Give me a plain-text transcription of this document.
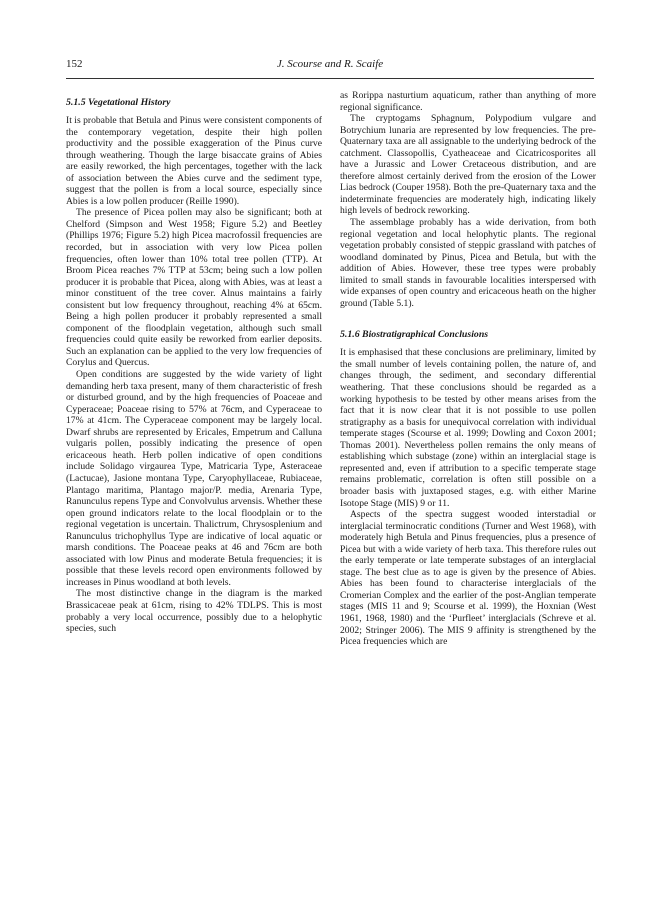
152	J. Scourse and R. Scaife
5.1.5 Vegetational History

It is probable that Betula and Pinus were consistent components of the contemporary vegetation, despite their high pollen productivity and the possible exaggeration of the Pinus curve through weathering. Though the large bisaccate grains of Abies are easily reworked, the high percentages, together with the lack of association between the Abies curve and the sediment type, suggest that the pollen is from a local source, especially since Abies is a low pollen producer (Reille 1990).

The presence of Picea pollen may also be significant; both at Chelford (Simpson and West 1958; Figure 5.2) and Beetley (Phillips 1976; Figure 5.2) high Picea macrofossil frequencies are recorded, but in association with very low Picea pollen frequencies, often lower than 10% total tree pollen (TTP). At Broom Picea reaches 7% TTP at 53cm; being such a low pollen producer it is probable that Picea, along with Abies, was at least a minor constituent of the tree cover. Alnus maintains a fairly consistent but low frequency throughout, reaching 4% at 65cm. Being a high pollen producer it probably represented a small component of the floodplain vegetation, although such small frequencies could quite easily be reworked from earlier deposits. Such an explanation can be applied to the very low frequencies of Corylus and Quercus.

Open conditions are suggested by the wide variety of light demanding herb taxa present, many of them characteristic of fresh or disturbed ground, and by the high frequencies of Poaceae and Cyperaceae; Poaceae rising to 57% at 76cm, and Cyperaceae to 17% at 41cm. The Cyperaceae component may be largely local. Dwarf shrubs are represented by Ericales, Empetrum and Calluna vulgaris pollen, possibly indicating the presence of open ericaceous heath. Herb pollen indicative of open conditions include Solidago virgaurea Type, Matricaria Type, Asteraceae (Lactucae), Jasione montana Type, Caryophyllaceae, Rubiaceae, Plantago maritima, Plantago major/P. media, Arenaria Type, Ranunculus repens Type and Convolvulus arvensis. Whether these open ground indicators relate to the local floodplain or to the regional vegetation is uncertain. Thalictrum, Chrysosplenium and Ranunculus trichophyllus Type are indicative of local aquatic or marsh conditions. The Poaceae peaks at 46 and 76cm are both associated with low Pinus and moderate Betula frequencies; it is possible that these levels record open environments followed by increases in Pinus woodland at both levels.

The most distinctive change in the diagram is the marked Brassicaceae peak at 61cm, rising to 42% TDLPS. This is most probably a very local occurrence, possibly due to a helophytic species, such

as Rorippa nasturtium aquaticum, rather than anything of more regional significance.

The cryptogams Sphagnum, Polypodium vulgare and Botrychium lunaria are represented by low frequencies. The pre-Quaternary taxa are all assignable to the underlying bedrock of the catchment. Classopollis, Cyatheaceae and Cicatricosporites all have a Jurassic and Lower Cretaceous distribution, and are therefore almost certainly derived from the erosion of the Lower Lias bedrock (Couper 1958). Both the pre-Quaternary taxa and the indeterminate frequencies are moderately high, indicating likely high levels of bedrock reworking.

The assemblage probably has a wide derivation, from both regional vegetation and local helophytic plants. The regional vegetation probably consisted of steppic grassland with patches of woodland dominated by Pinus, Picea and Betula, but with the addition of Abies. However, these tree types were probably limited to small stands in favourable localities interspersed with wide expanses of open country and ericaceous heath on the higher ground (Table 5.1).

5.1.6 Biostratigraphical Conclusions

It is emphasised that these conclusions are preliminary, limited by the small number of levels containing pollen, the nature of, and changes through, the sediment, and secondary differential weathering. That these conclusions should be regarded as a working hypothesis to be tested by other means arises from the fact that it is now clear that it is not possible to use pollen stratigraphy as a basis for unequivocal correlation with individual temperate stages (Scourse et al. 1999; Dowling and Coxon 2001; Thomas 2001). Nevertheless pollen remains the only means of establishing which substage (zone) within an interglacial stage is represented and, even if attribution to a specific temperate stage remains problematic, correlation is often still possible on a broader basis with juxtaposed stages, e.g. with either Marine Isotope Stage (MIS) 9 or 11.

Aspects of the spectra suggest wooded interstadial or interglacial terminocratic conditions (Turner and West 1968), with moderately high Betula and Pinus frequencies, plus a presence of Picea but with a wide variety of herb taxa. This therefore rules out the early temperate or late temperate substages of an interglacial stage. The best clue as to age is given by the presence of Abies. Abies has been found to characterise interglacials of the Cromerian Complex and the earlier of the post-Anglian temperate stages (MIS 11 and 9; Scourse et al. 1999), the Hoxnian (West 1961, 1968, 1980) and the ‘Purfleet’ interglacials (Schreve et al. 2002; Stringer 2006). The MIS 9 affinity is strengthened by the Picea frequencies which are
